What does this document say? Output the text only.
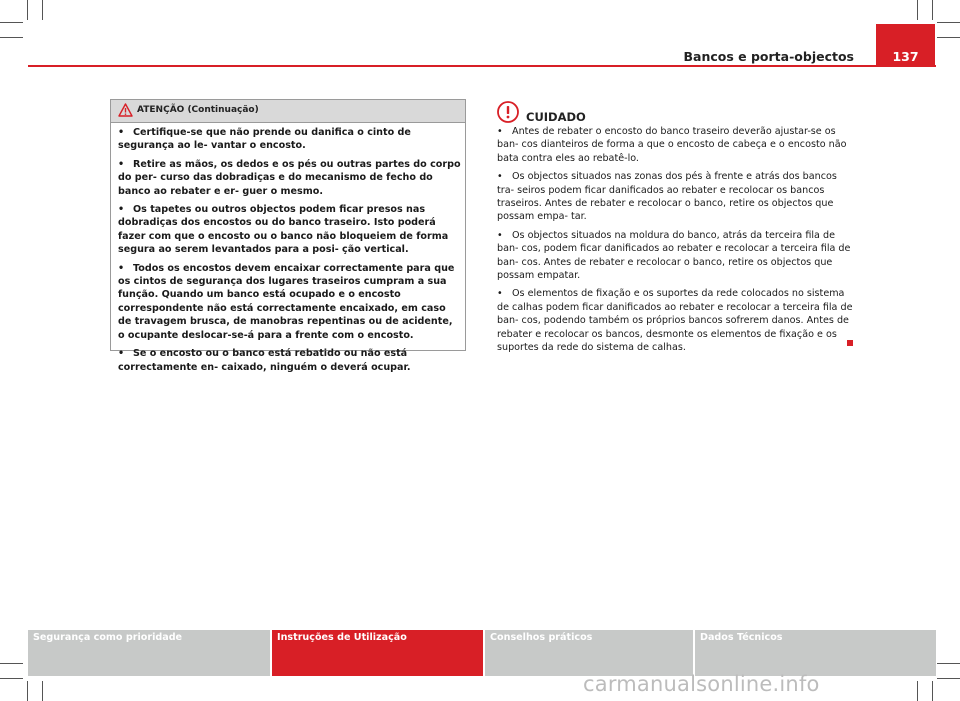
Bancos e porta-objectos	137
ATENÇÃO (Continuação)

• Certifique-se que não prende ou danifica o cinto de segurança ao le- vantar o encosto.

• Retire as mãos, os dedos e os pés ou outras partes do corpo do per- curso das dobradiças e do mecanismo de fecho do banco ao rebater e er- guer o mesmo.

• Os tapetes ou outros objectos podem ficar presos nas dobradiças dos encostos ou do banco traseiro. Isto poderá fazer com que o encosto ou o banco não bloqueiem de forma segura ao serem levantados para a posi- ção vertical.

• Todos os encostos devem encaixar correctamente para que os cintos de segurança dos lugares traseiros cumpram a sua função. Quando um banco está ocupado e o encosto correspondente não está correctamente encaixado, em caso de travagem brusca, de manobras repentinas ou de acidente, o ocupante deslocar-se-á para a frente com o encosto.

• Se o encosto ou o banco está rebatido ou não está correctamente en- caixado, ninguém o deverá ocupar.

CUIDADO

• Antes de rebater o encosto do banco traseiro deverão ajustar-se os ban- cos dianteiros de forma a que o encosto de cabeça e o encosto não bata contra eles ao rebatê-lo.

• Os objectos situados nas zonas dos pés à frente e atrás dos bancos tra- seiros podem ficar danificados ao rebater e recolocar os bancos traseiros. Antes de rebater e recolocar o banco, retire os objectos que possam empa- tar.

• Os objectos situados na moldura do banco, atrás da terceira fila de ban- cos, podem ficar danificados ao rebater e recolocar a terceira fila de ban- cos. Antes de rebater e recolocar o banco, retire os objectos que possam empatar.

• Os elementos de fixação e os suportes da rede colocados no sistema de calhas podem ficar danificados ao rebater e recolocar a terceira fila de ban- cos, podendo também os próprios bancos sofrerem danos. Antes de rebater e recolocar os bancos, desmonte os elementos de fixação e os suportes da rede do sistema de calhas.

Segurança como prioridade	Instruções de Utilização	Conselhos práticos	Dados Técnicos
carmanualsonline.info
